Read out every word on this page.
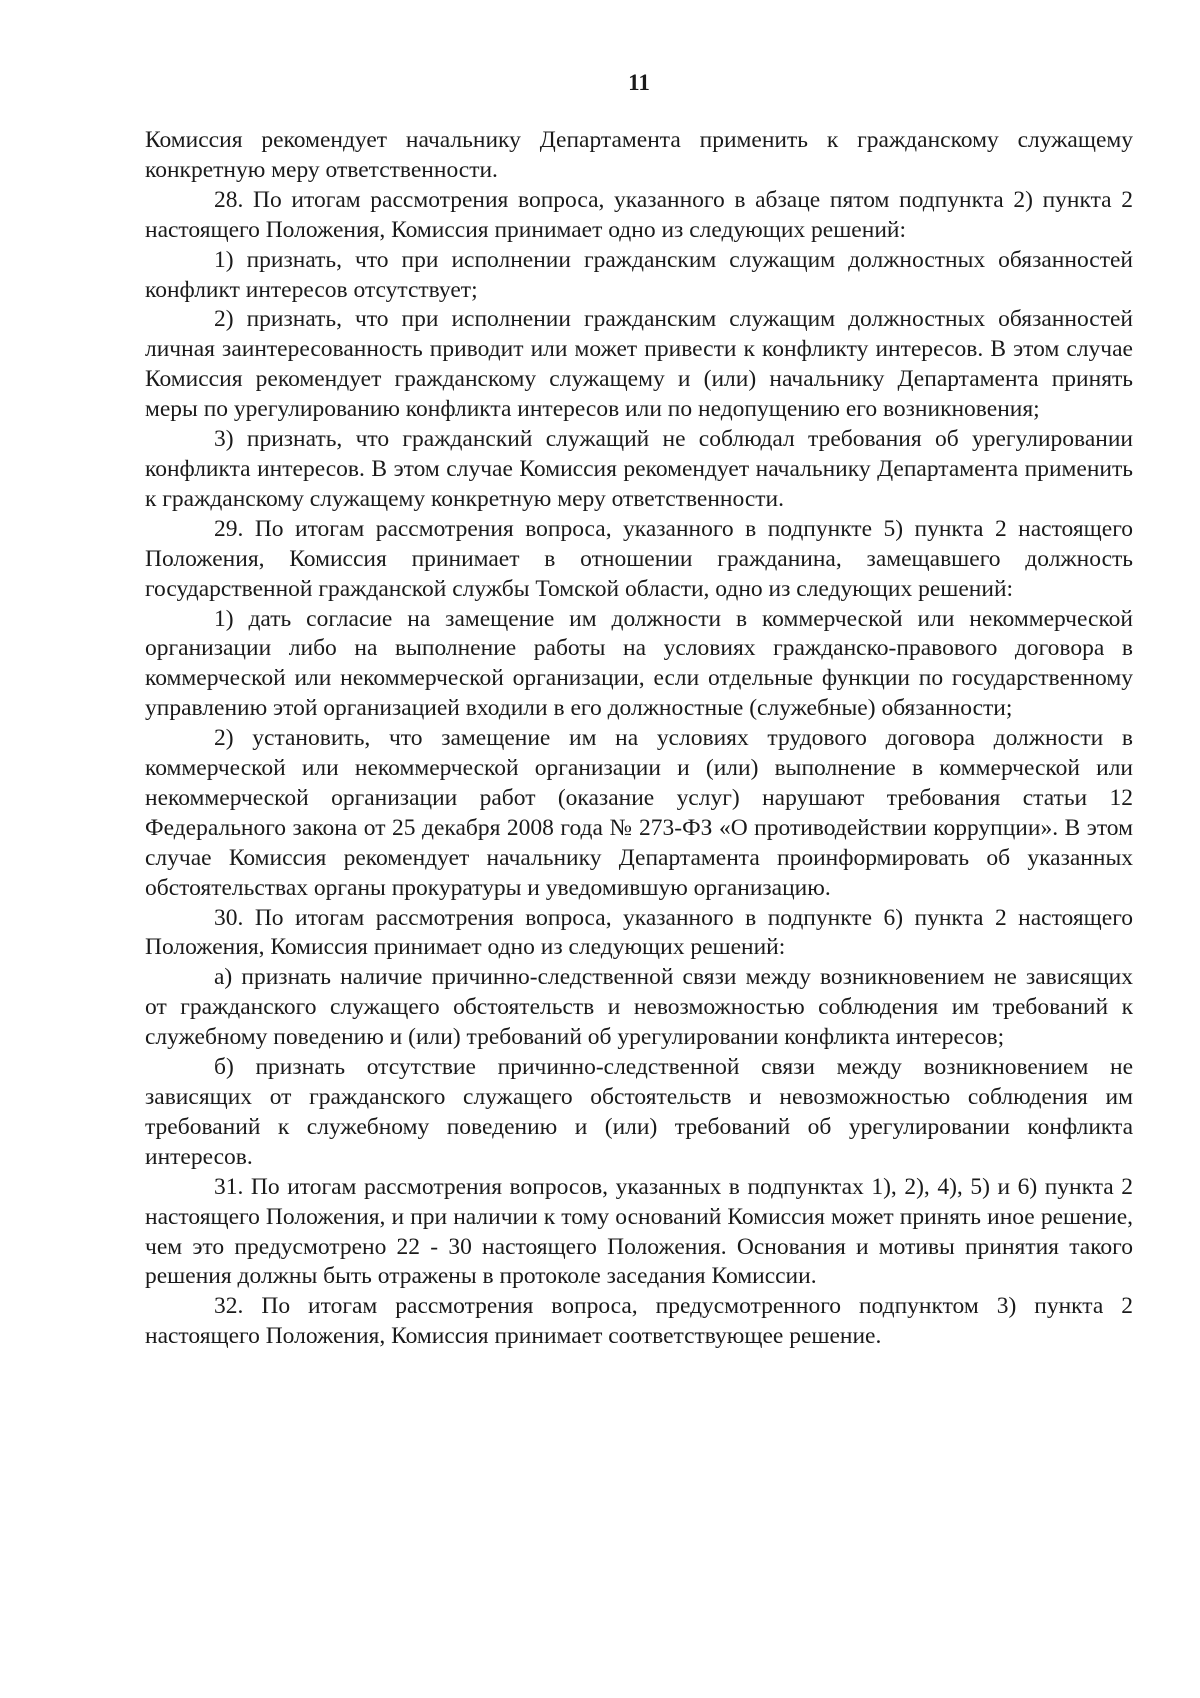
11

Комиссия рекомендует начальнику Департамента применить к гражданскому служащему конкретную меру ответственности.

28. По итогам рассмотрения вопроса, указанного в абзаце пятом подпункта 2) пункта 2 настоящего Положения, Комиссия принимает одно из следующих решений:

1) признать, что при исполнении гражданским служащим должностных обязанностей конфликт интересов отсутствует;

2) признать, что при исполнении гражданским служащим должностных обязанностей личная заинтересованность приводит или может привести к конфликту интересов. В этом случае Комиссия рекомендует гражданскому служащему и (или) начальнику Департамента принять меры по урегулированию конфликта интересов или по недопущению его возникновения;

3) признать, что гражданский служащий не соблюдал требования об урегулировании конфликта интересов. В этом случае Комиссия рекомендует начальнику Департамента применить к гражданскому служащему конкретную меру ответственности.

29. По итогам рассмотрения вопроса, указанного в подпункте 5) пункта 2 настоящего Положения, Комиссия принимает в отношении гражданина, замещавшего должность государственной гражданской службы Томской области, одно из следующих решений:

1) дать согласие на замещение им должности в коммерческой или некоммерческой организации либо на выполнение работы на условиях гражданско-правового договора в коммерческой или некоммерческой организации, если отдельные функции по государственному управлению этой организацией входили в его должностные (служебные) обязанности;

2) установить, что замещение им на условиях трудового договора должности в коммерческой или некоммерческой организации и (или) выполнение в коммерческой или некоммерческой организации работ (оказание услуг) нарушают требования статьи 12 Федерального закона от 25 декабря 2008 года № 273-ФЗ «О противодействии коррупции». В этом случае Комиссия рекомендует начальнику Департамента проинформировать об указанных обстоятельствах органы прокуратуры и уведомившую организацию.

30. По итогам рассмотрения вопроса, указанного в подпункте 6) пункта 2 настоящего Положения, Комиссия принимает одно из следующих решений:

а) признать наличие причинно-следственной связи между возникновением не зависящих от гражданского служащего обстоятельств и невозможностью соблюдения им требований к служебному поведению и (или) требований об урегулировании конфликта интересов;

б) признать отсутствие причинно-следственной связи между возникновением не зависящих от гражданского служащего обстоятельств и невозможностью соблюдения им требований к служебному поведению и (или) требований об урегулировании конфликта интересов.

31. По итогам рассмотрения вопросов, указанных в подпунктах 1), 2), 4), 5) и 6) пункта 2 настоящего Положения, и при наличии к тому оснований Комиссия может принять иное решение, чем это предусмотрено 22 - 30 настоящего Положения. Основания и мотивы принятия такого решения должны быть отражены в протоколе заседания Комиссии.

32. По итогам рассмотрения вопроса, предусмотренного подпунктом 3) пункта 2 настоящего Положения, Комиссия принимает соответствующее решение.
